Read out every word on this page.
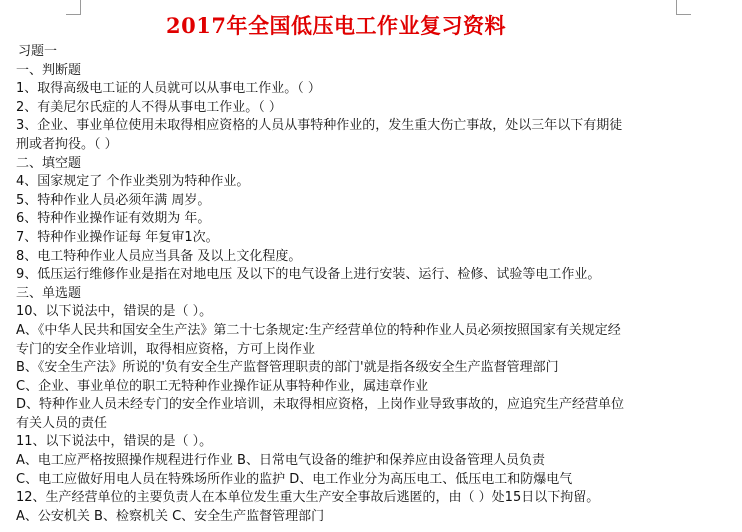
2017年全国低压电工作业复习资料
习题一
一、判断题
1、取得高级电工证的人员就可以从事电工作业。（ ）
2、有美尼尔氏症的人不得从事电工作业。（ ）
3、企业、事业单位使用未取得相应资格的人员从事特种作业的，发生重大伤亡事故，处以三年以下有期徒
刑或者拘役。（ ）
二、填空题
4、国家规定了 个作业类别为特种作业。
5、特种作业人员必须年满 周岁。
6、特种作业操作证有效期为 年。
7、特种作业操作证每 年复审1次。
8、电工特种作业人员应当具备 及以上文化程度。
9、低压运行维修作业是指在对地电压 及以下的电气设备上进行安装、运行、检修、试验等电工作业。
三、单选题
10、以下说法中，错误的是（ ）。
A、《中华人民共和国安全生产法》第二十七条规定:生产经营单位的特种作业人员必须按照国家有关规定经
专门的安全作业培训，取得相应资格，方可上岗作业
B、《安全生产法》所说的'负有安全生产监督管理职责的部门'就是指各级安全生产监督管理部门
C、企业、事业单位的职工无特种作业操作证从事特种作业，属违章作业
D、特种作业人员未经专门的安全作业培训，未取得相应资格，上岗作业导致事故的，应追究生产经营单位
有关人员的责任
11、以下说法中，错误的是（ ）。
A、电工应严格按照操作规程进行作业 B、日常电气设备的维护和保养应由设备管理人员负责
C、电工应做好用电人员在特殊场所作业的监护 D、电工作业分为高压电工、低压电工和防爆电气
12、生产经营单位的主要负责人在本单位发生重大生产安全事故后逃匿的，由（ ）处15日以下拘留。
A、公安机关 B、检察机关 C、安全生产监督管理部门
